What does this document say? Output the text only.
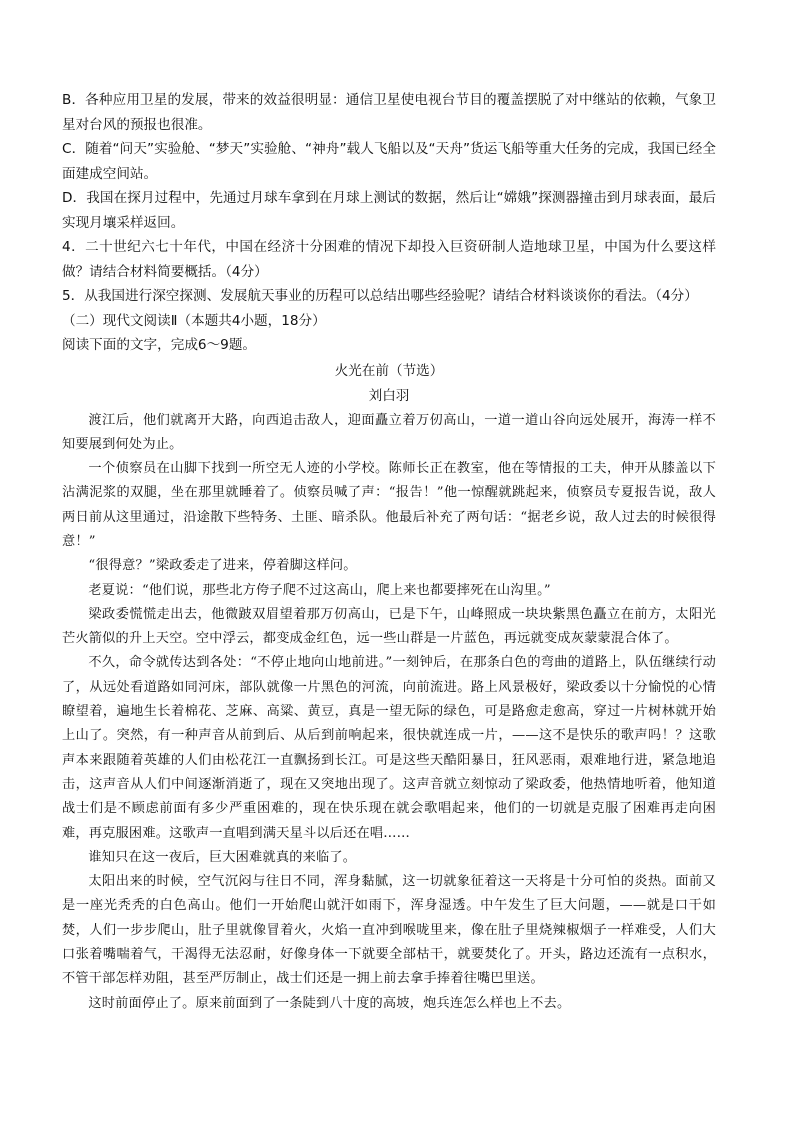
B．各种应用卫星的发展，带来的效益很明显：通信卫星使电视台节目的覆盖摆脱了对中继站的依赖，气象卫星对台风的预报也很准。

C．随着“问天”实验舱、“梦天”实验舱、“神舟”载人飞船以及“天舟”货运飞船等重大任务的完成，我国已经全面建成空间站。

D．我国在探月过程中，先通过月球车拿到在月球上测试的数据，然后让“嫦娥”探测器撞击到月球表面，最后实现月壤采样返回。

4．二十世纪六七十年代，中国在经济十分困难的情况下却投入巨资研制人造地球卫星，中国为什么要这样做？请结合材料简要概括。（4分）

5．从我国进行深空探测、发展航天事业的历程可以总结出哪些经验呢？请结合材料谈谈你的看法。（4分）

（二）现代文阅读Ⅱ（本题共4小题，18分）

阅读下面的文字，完成6～9题。

火光在前（节选）

刘白羽

渡江后，他们就离开大路，向西追击敌人，迎面矗立着万仞高山，一道一道山谷向远处展开，海涛一样不知要展到何处为止。

一个侦察员在山脚下找到一所空无人迹的小学校。陈师长正在教室，他在等情报的工夫，伸开从膝盖以下沾满泥浆的双腿，坐在那里就睡着了。侦察员喊了声：“报告！”他一惊醒就跳起来，侦察员专夏报告说，敌人两日前从这里通过，沿途散下些特务、土匪、暗杀队。他最后补充了两句话：“据老乡说，敌人过去的时候很得意！”

“很得意？”梁政委走了进来，停着脚这样问。

老夏说：“他们说，那些北方侉子爬不过这高山，爬上来也都要摔死在山沟里。”

梁政委慌慌走出去，他微跛双眉望着那万仞高山，已是下午，山峰照成一块块紫黑色矗立在前方，太阳光芒火箭似的升上天空。空中浮云，都变成金红色，远一些山群是一片蓝色，再远就变成灰蒙蒙混合体了。

不久，命令就传达到各处：“不停止地向山地前进。”一刻钟后，在那条白色的弯曲的道路上，队伍继续行动了，从远处看道路如同河床，部队就像一片黑色的河流，向前流进。路上风景极好，梁政委以十分愉悦的心情瞭望着，遍地生长着棉花、芝麻、高粱、黄豆，真是一望无际的绿色，可是路愈走愈高，穿过一片树林就开始上山了。突然，有一种声音从前到后、从后到前响起来，很快就连成一片，——这不是快乐的歌声吗！？这歌声本来跟随着英雄的人们由松花江一直飘扬到长江。可是这些天酷阳暴日，狂风恶雨，艰难地行进，紧急地追击，这声音从人们中间逐渐消逝了，现在又突地出现了。这声音就立刻惊动了梁政委，他热情地听着，他知道战士们是不顾虑前面有多少严重困难的，现在快乐现在就会歌唱起来，他们的一切就是克服了困难再走向困难，再克服困难。这歌声一直唱到满天星斗以后还在唱……

谁知只在这一夜后，巨大困难就真的来临了。

太阳出来的时候，空气沉闷与往日不同，浑身黏腻，这一切就象征着这一天将是十分可怕的炎热。面前又是一座光秃秃的白色高山。他们一开始爬山就汗如雨下，浑身湿透。中午发生了巨大问题，——就是口干如焚，人们一步步爬山，肚子里就像冒着火，火焰一直冲到喉咙里来，像在肚子里烧辣椒烟子一样难受，人们大口张着嘴喘着气，干渴得无法忍耐，好像身体一下就要全部枯干，就要焚化了。开头，路边还流有一点积水，不管干部怎样劝阻，甚至严厉制止，战士们还是一拥上前去拿手捧着往嘴巴里送。

这时前面停止了。原来前面到了一条陡到八十度的高坡，炮兵连怎么样也上不去。
